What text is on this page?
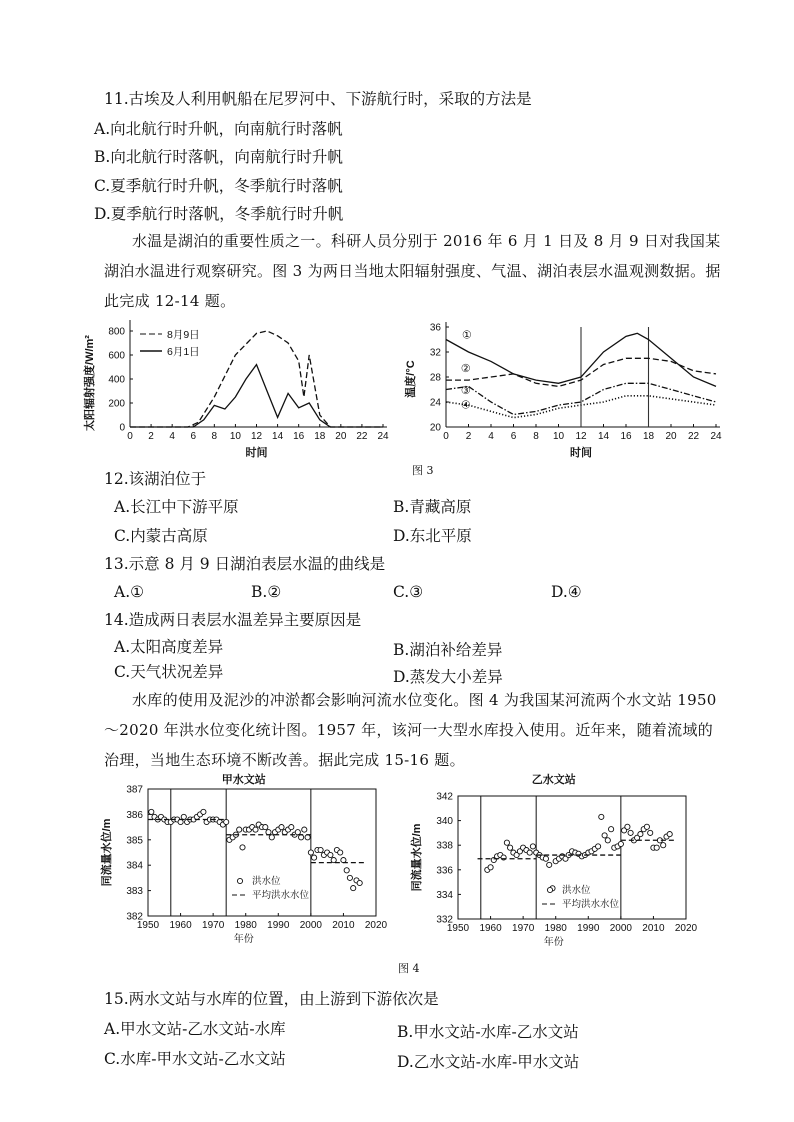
11.古埃及人利用帆船在尼罗河中、下游航行时，采取的方法是
A.向北航行时升帆，向南航行时落帆
B.向北航行时落帆，向南航行时升帆
C.夏季航行时升帆，冬季航行时落帆
D.夏季航行时落帆，冬季航行时升帆
水温是湖泊的重要性质之一。科研人员分别于 2016 年 6 月 1 日及 8 月 9 日对我国某湖泊水温进行观察研究。图 3 为两日当地太阳辐射强度、气温、湖泊表层水温观测数据。据此完成 12-14 题。
0 2 4 6 8 10 12 14 16 18 20 22 24
0
200
400
600
800
太阳辐射强度/W/m²
时间
8月9日
6月1日
0 2 4 6 8 10 12 14 16 18 20 22 24
20
24
28
32
36
温度/°C
时间
①
②
③
④
图 3
12.该湖泊位于
A.长江中下游平原	B.青藏高原
C.内蒙古高原	D.东北平原
13.示意 8 月 9 日湖泊表层水温的曲线是
A.①	B.②	C.③	D.④
14.造成两日表层水温差异主要原因是
A.太阳高度差异	B.湖泊补给差异
C.天气状况差异	D.蒸发大小差异
水库的使用及泥沙的冲淤都会影响河流水位变化。图 4 为我国某河流两个水文站 1950～2020 年洪水位变化统计图。1957 年，该河一大型水库投入使用。近年来，随着流域的治理，当地生态环境不断改善。据此完成 15-16 题。
1950 1960 1970 1980 1990 2000 2010 2020
382
383
384
385
386
387
甲水文站
同流量水位/m
年份
洪水位
平均洪水水位
1950 1960 1970 1980 1990 2000 2010 2020
332
334
336
338
340
342
乙水文站
同流量水位/m
年份
洪水位
平均洪水水位
图 4
15.两水文站与水库的位置，由上游到下游依次是
A.甲水文站-乙水文站-水库	B.甲水文站-水库-乙水文站
C.水库-甲水文站-乙水文站	D.乙水文站-水库-甲水文站
